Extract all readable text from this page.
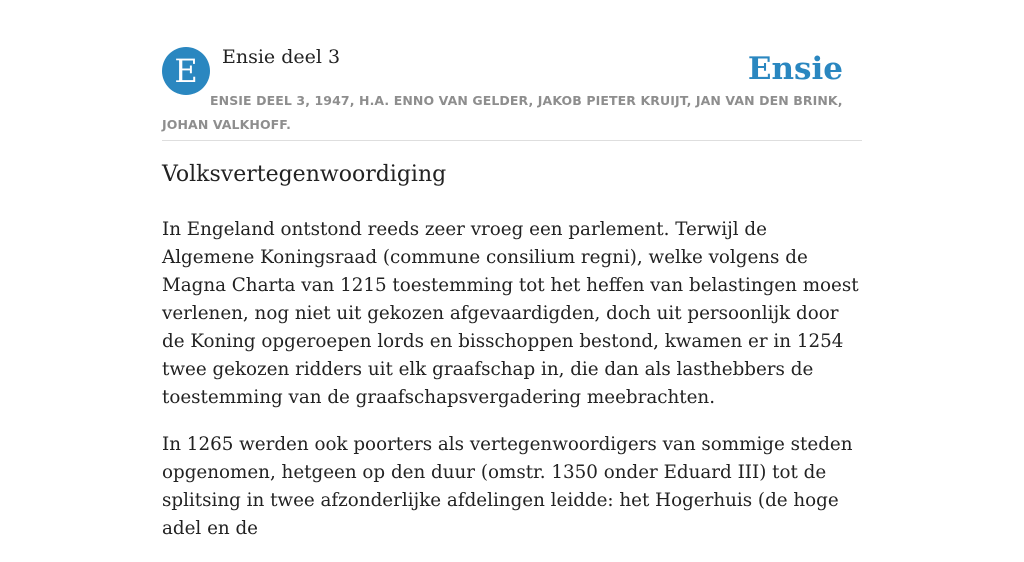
E	Ensie deel 3	Ensie
ENSIE DEEL 3, 1947, H.A. ENNO VAN GELDER, JAKOB PIETER KRUIJT, JAN VAN DEN BRINK, JOHAN VALKHOFF.
Volksvertegenwoordiging

In Engeland ontstond reeds zeer vroeg een parlement. Terwijl de Algemene Koningsraad (commune consilium regni), welke volgens de Magna Charta van 1215 toestemming tot het heffen van belastingen moest verlenen, nog niet uit gekozen afgevaardigden, doch uit persoonlijk door de Koning opgeroepen lords en bisschoppen bestond, kwamen er in 1254 twee gekozen ridders uit elk graafschap in, die dan als lasthebbers de toestemming van de graafschapsvergadering meebrachten.

In 1265 werden ook poorters als vertegenwoordigers van sommige steden opgenomen, hetgeen op den duur (omstr. 1350 onder Eduard III) tot de splitsing in twee afzonderlijke afdelingen leidde: het Hogerhuis (de hoge adel en de
